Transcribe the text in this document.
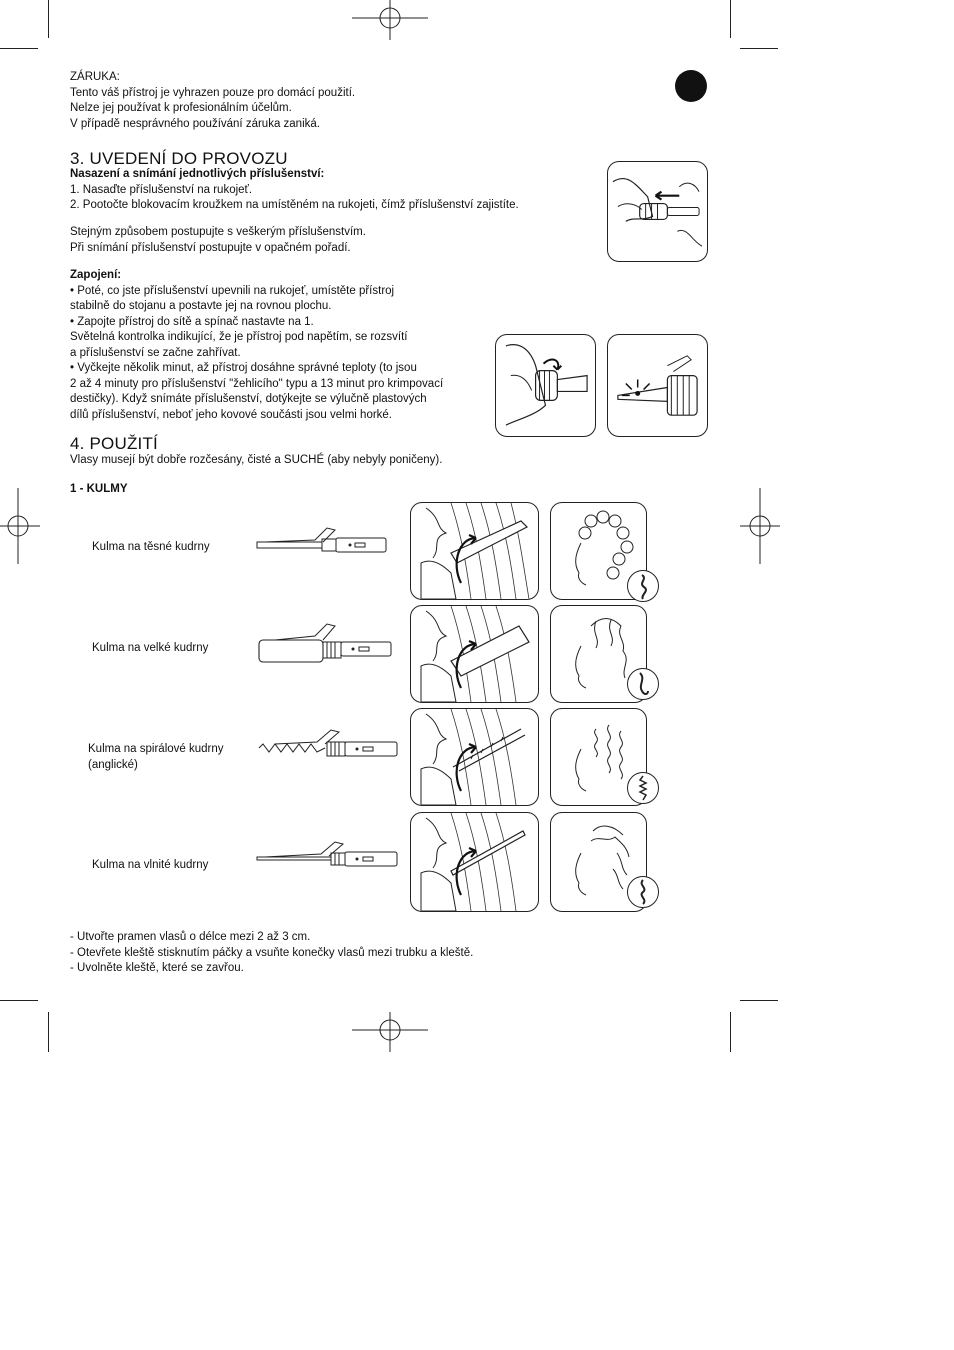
ZÁRUKA:
Tento váš přístroj je vyhrazen pouze pro domácí použití.
Nelze jej používat k profesionálním účelům.
V případě nesprávného používání záruka zaniká.
3. UVEDENÍ DO PROVOZU
Nasazení a snímání jednotlivých příslušenství:
1. Nasaďte příslušenství na rukojeť.
2. Pootočte blokovacím kroužkem na umístěném na rukojeti, čímž příslušenství zajistíte.
Stejným způsobem postupujte s veškerým příslušenstvím.
Při snímání příslušenství postupujte v opačném pořadí.
Zapojení:
• Poté, co jste příslušenství upevnili na rukojeť, umístěte přístroj
stabilně do stojanu a postavte jej na rovnou plochu.
• Zapojte přístroj do sítě a spínač nastavte na 1.
Světelná kontrolka indikující, že je přístroj pod napětím, se rozsvítí
a příslušenství se začne zahřívat.
• Vyčkejte několik minut, až přístroj dosáhne správné teploty (to jsou
2 až 4 minuty pro příslušenství "žehlicího" typu a 13 minut pro krimpovací
destičky). Když snímáte příslušenství, dotýkejte se výlučně plastových
dílů příslušenství, neboť jeho kovové součásti jsou velmi horké.
4. POUŽITÍ
Vlasy musejí být dobře rozčesány, čisté a SUCHÉ (aby nebyly poničeny).
1 - KULMY
Kulma na těsné kudrny
Kulma na velké kudrny
Kulma na spirálové kudrny
(anglické)
Kulma na vlnité kudrny
- Utvořte pramen vlasů o délce mezi 2 až 3 cm.
- Otevřete kleště stisknutím páčky a vsuňte konečky vlasů mezi trubku a kleště.
- Uvolněte kleště, které se zavřou.
